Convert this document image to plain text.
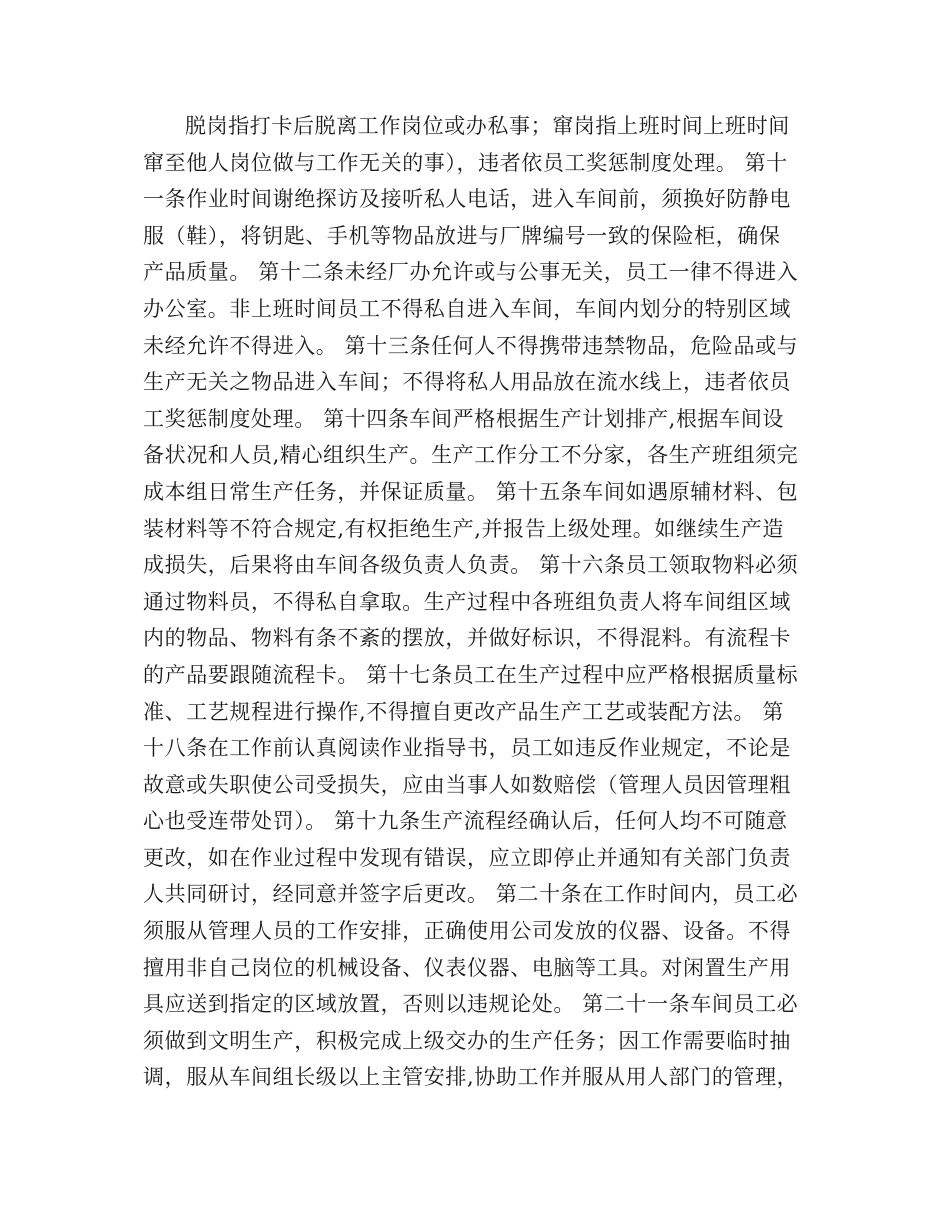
脱岗指打卡后脱离工作岗位或办私事；窜岗指上班时间上班时间
窜至他人岗位做与工作无关的事），违者依员工奖惩制度处理。 第十
一条作业时间谢绝探访及接听私人电话，进入车间前，须换好防静电
服（鞋），将钥匙、手机等物品放进与厂牌编号一致的保险柜，确保
产品质量。 第十二条未经厂办允许或与公事无关，员工一律不得进入
办公室。非上班时间员工不得私自进入车间，车间内划分的特别区域
未经允许不得进入。 第十三条任何人不得携带违禁物品，危险品或与
生产无关之物品进入车间；不得将私人用品放在流水线上，违者依员
工奖惩制度处理。 第十四条车间严格根据生产计划排产,根据车间设
备状况和人员,精心组织生产。生产工作分工不分家，各生产班组须完
成本组日常生产任务，并保证质量。 第十五条车间如遇原辅材料、包
装材料等不符合规定,有权拒绝生产,并报告上级处理。如继续生产造
成损失，后果将由车间各级负责人负责。 第十六条员工领取物料必须
通过物料员，不得私自拿取。生产过程中各班组负责人将车间组区域
内的物品、物料有条不紊的摆放，并做好标识，不得混料。有流程卡
的产品要跟随流程卡。 第十七条员工在生产过程中应严格根据质量标
准、工艺规程进行操作,不得擅自更改产品生产工艺或装配方法。 第
十八条在工作前认真阅读作业指导书，员工如违反作业规定，不论是
故意或失职使公司受损失，应由当事人如数赔偿（管理人员因管理粗
心也受连带处罚）。 第十九条生产流程经确认后，任何人均不可随意
更改，如在作业过程中发现有错误，应立即停止并通知有关部门负责
人共同研讨，经同意并签字后更改。 第二十条在工作时间内，员工必
须服从管理人员的工作安排，正确使用公司发放的仪器、设备。不得
擅用非自己岗位的机械设备、仪表仪器、电脑等工具。对闲置生产用
具应送到指定的区域放置，否则以违规论处。 第二十一条车间员工必
须做到文明生产，积极完成上级交办的生产任务；因工作需要临时抽
调，服从车间组长级以上主管安排,协助工作并服从用人部门的管理，
